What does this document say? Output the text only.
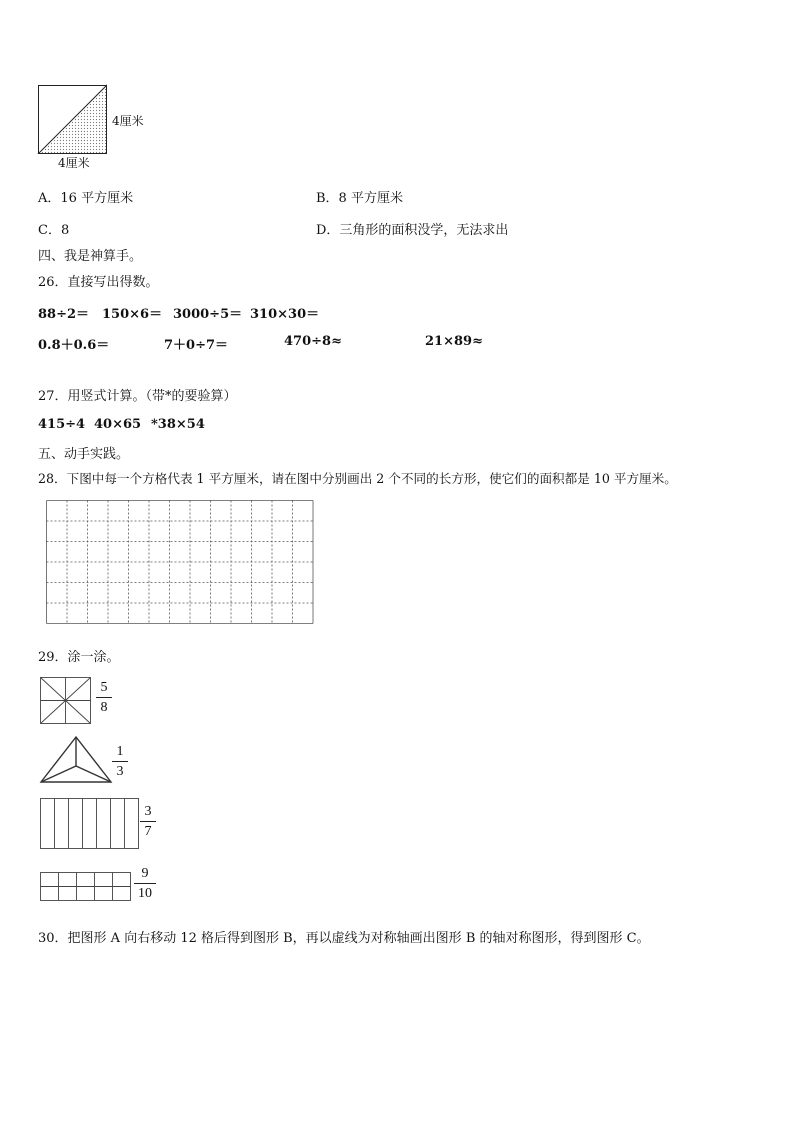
4厘米
4厘米
A．16 平方厘米	B．8 平方厘米
C．8	D．三角形的面积没学，无法求出
四、我是神算手。
26．直接写出得数。
88÷2＝ 150×6＝ 3000÷5＝ 310×30＝
0.8＋0.6＝	7＋0÷7＝	470÷8≈	21×89≈
27．用竖式计算。（带*的要验算）
415÷4 40×65 *38×54
五、动手实践。
28．下图中每一个方格代表 1 平方厘米，请在图中分别画出 2 个不同的长方形，使它们的面积都是 10 平方厘米。
29．涂一涂。
5
8
1
3
3
7
9
10
30．把图形 A 向右移动 12 格后得到图形 B，再以虚线为对称轴画出图形 B 的轴对称图形，得到图形 C。
